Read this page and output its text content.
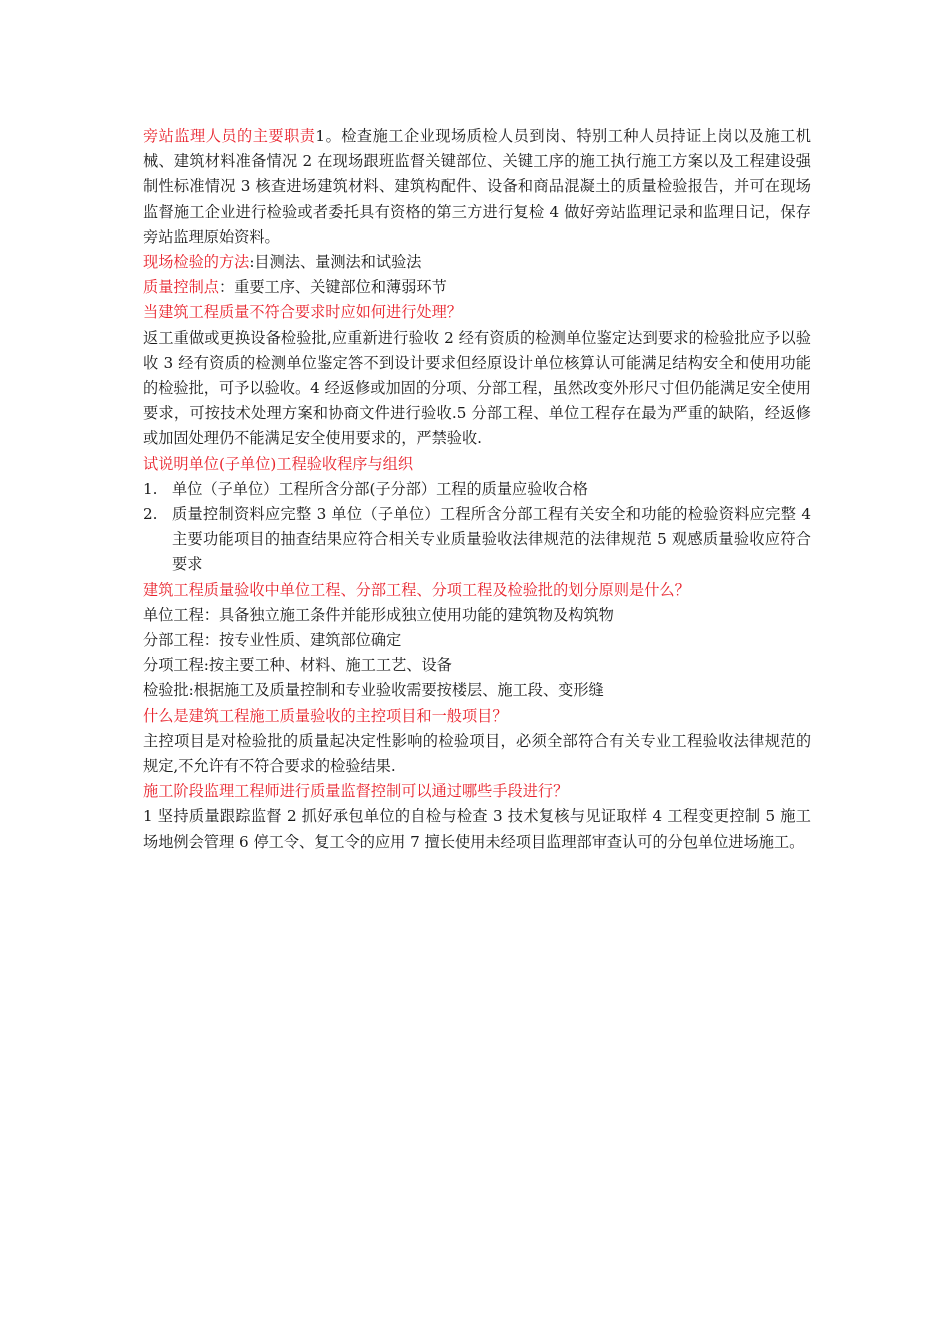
旁站监理人员的主要职责1。检查施工企业现场质检人员到岗、特别工种人员持证上岗以及施工机械、建筑材料准备情况 2 在现场跟班监督关键部位、关键工序的施工执行施工方案以及工程建设强制性标准情况 3 核查进场建筑材料、建筑构配件、设备和商品混凝土的质量检验报告，并可在现场监督施工企业进行检验或者委托具有资格的第三方进行复检 4 做好旁站监理记录和监理日记，保存旁站监理原始资料。

现场检验的方法:目测法、量测法和试验法

质量控制点：重要工序、关键部位和薄弱环节

当建筑工程质量不符合要求时应如何进行处理？

返工重做或更换设备检验批,应重新进行验收 2 经有资质的检测单位鉴定达到要求的检验批应予以验收 3 经有资质的检测单位鉴定答不到设计要求但经原设计单位核算认可能满足结构安全和使用功能的检验批，可予以验收。4 经返修或加固的分项、分部工程，虽然改变外形尺寸但仍能满足安全使用要求，可按技术处理方案和协商文件进行验收.5 分部工程、单位工程存在最为严重的缺陷，经返修或加固处理仍不能满足安全使用要求的，严禁验收.

试说明单位(子单位)工程验收程序与组织

1. 单位（子单位）工程所含分部(子分部）工程的质量应验收合格
2. 质量控制资料应完整 3 单位（子单位）工程所含分部工程有关安全和功能的检验资料应完整 4 主要功能项目的抽查结果应符合相关专业质量验收法律规范的法律规范 5 观感质量验收应符合要求

建筑工程质量验收中单位工程、分部工程、分项工程及检验批的划分原则是什么？

单位工程：具备独立施工条件并能形成独立使用功能的建筑物及构筑物

分部工程：按专业性质、建筑部位确定

分项工程:按主要工种、材料、施工工艺、设备

检验批:根据施工及质量控制和专业验收需要按楼层、施工段、变形缝

什么是建筑工程施工质量验收的主控项目和一般项目？

主控项目是对检验批的质量起决定性影响的检验项目，必须全部符合有关专业工程验收法律规范的规定,不允许有不符合要求的检验结果.

施工阶段监理工程师进行质量监督控制可以通过哪些手段进行？

1 坚持质量跟踪监督 2 抓好承包单位的自检与检查 3 技术复核与见证取样 4 工程变更控制 5 施工场地例会管理 6 停工令、复工令的应用 7 擅长使用未经项目监理部审查认可的分包单位进场施工。
